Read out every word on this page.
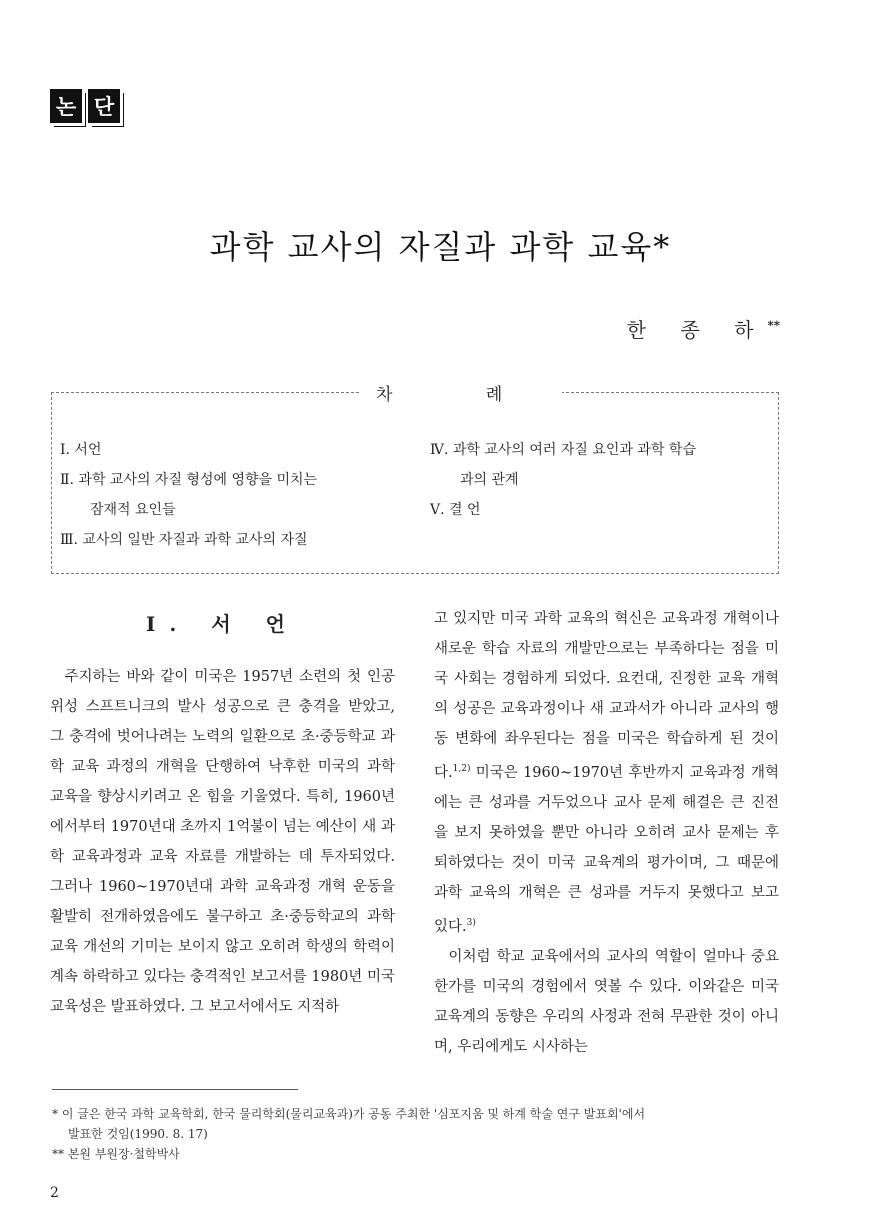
논 단
과학 교사의 자질과 과학 교육*
한 종 하**
차 례
Ⅰ. 서언
Ⅱ. 과학 교사의 자질 형성에 영향을 미치는
잠재적 요인들
Ⅲ. 교사의 일반 자질과 과학 교사의 자질
Ⅳ. 과학 교사의 여러 자질 요인과 과학 학습
과의 관계
Ⅴ. 결 언
Ⅰ. 서 언

주지하는 바와 같이 미국은 1957년 소련의 첫 인공위성 스프트니크의 발사 성공으로 큰 충격을 받았고, 그 충격에 벗어나려는 노력의 일환으로 초·중등학교 과학 교육 과정의 개혁을 단행하여 낙후한 미국의 과학 교육을 향상시키려고 온 힘을 기울였다. 특히, 1960년에서부터 1970년대 초까지 1억불이 넘는 예산이 새 과학 교육과정과 교육 자료를 개발하는 데 투자되었다. 그러나 1960~1970년대 과학 교육과정 개혁 운동을 활발히 전개하였음에도 불구하고 초·중등학교의 과학 교육 개선의 기미는 보이지 않고 오히려 학생의 학력이 계속 하락하고 있다는 충격적인 보고서를 1980년 미국 교육성은 발표하였다. 그 보고서에서도 지적하

고 있지만 미국 과학 교육의 혁신은 교육과정 개혁이나 새로운 학습 자료의 개발만으로는 부족하다는 점을 미국 사회는 경험하게 되었다. 요컨대, 진정한 교육 개혁의 성공은 교육과정이나 새 교과서가 아니라 교사의 행동 변화에 좌우된다는 점을 미국은 학습하게 된 것이다.$^{1,2)}$ 미국은 1960~1970년 후반까지 교육과정 개혁에는 큰 성과를 거두었으나 교사 문제 해결은 큰 진전을 보지 못하였을 뿐만 아니라 오히려 교사 문제는 후퇴하였다는 것이 미국 교육계의 평가이며, 그 때문에 과학 교육의 개혁은 큰 성과를 거두지 못했다고 보고 있다.$^{3)}$

이처럼 학교 교육에서의 교사의 역할이 얼마나 중요한가를 미국의 경험에서 엿볼 수 있다. 이와같은 미국 교육계의 동향은 우리의 사정과 전혀 무관한 것이 아니며, 우리에게도 시사하는

* 이 글은 한국 과학 교육학회, 한국 물리학회(물리교육과)가 공동 주최한 '심포지움 및 하계 학술 연구 발표회'에서
발표한 것임(1990. 8. 17)
** 본원 부원장·철학박사
2
